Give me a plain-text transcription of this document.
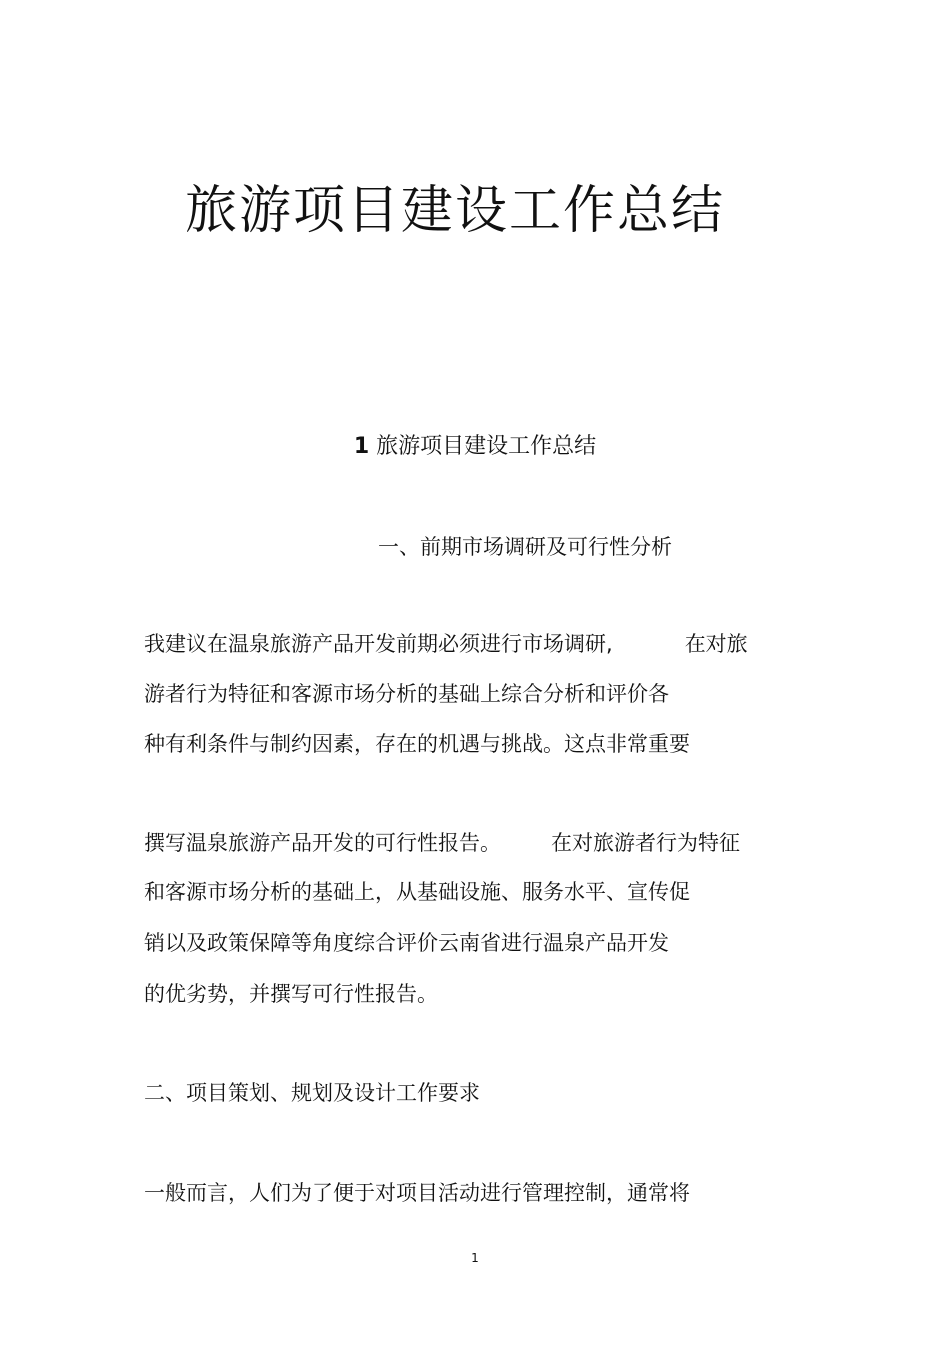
旅游项目建设工作总结
1 旅游项目建设工作总结
一、前期市场调研及可行性分析
我建议在温泉旅游产品开发前期必须进行市场调研,	在对旅
游者行为特征和客源市场分析的基础上综合分析和评价各
种有利条件与制约因素，存在的机遇与挑战。这点非常重要
撰写温泉旅游产品开发的可行性报告。 在对旅游者行为特征
和客源市场分析的基础上，从基础设施、服务水平、宣传促
销以及政策保障等角度综合评价云南省进行温泉产品开发
的优劣势，并撰写可行性报告。
二、项目策划、规划及设计工作要求
一般而言，人们为了便于对项目活动进行管理控制，通常将
1
